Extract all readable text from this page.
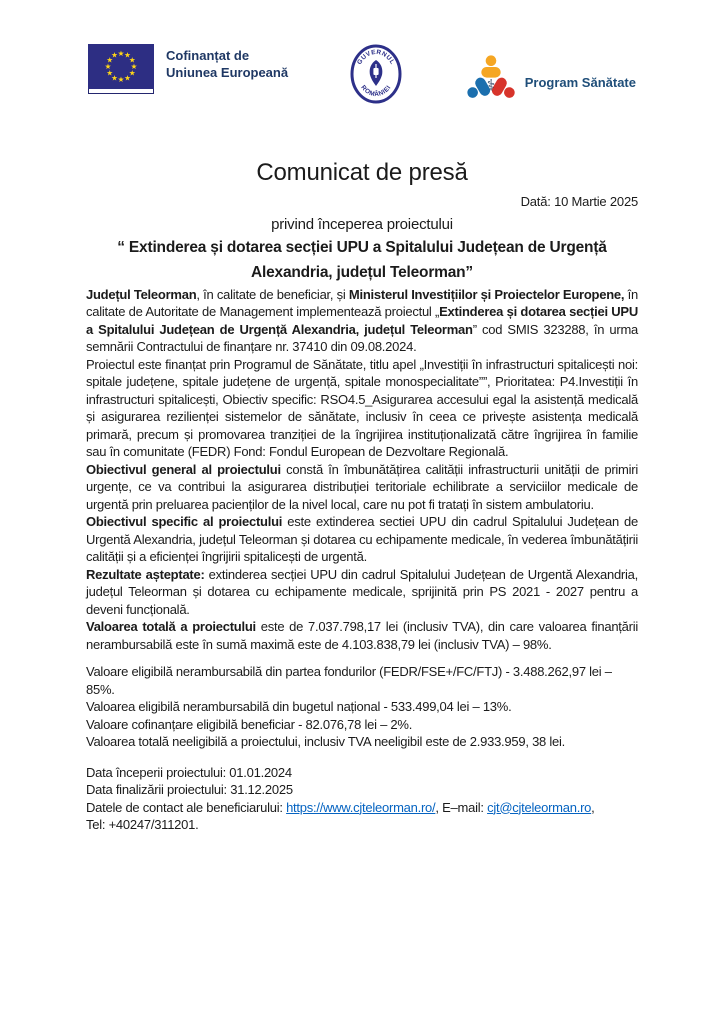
★ ★
★
★
★
★
★
★
★
★
★
★	Cofinanțat de
Uniunea Europeană
GUVERNUL
ROMÂNIEI	⚕ Program Sănătate
Comunicat de presă
Dată: 10 Martie 2025
privind începerea proiectului
“ Extinderea și dotarea secției UPU a Spitalului Județean de Urgență
Alexandria, județul Teleorman”

Județul Teleorman, în calitate de beneficiar, și Ministerul Investițiilor și Proiectelor Europene, în calitate de Autoritate de Management implementează proiectul „Extinderea și dotarea secției UPU a Spitalului Județean de Urgență Alexandria, județul Teleorman” cod SMIS 323288, în urma semnării Contractului de finanțare nr. 37410 din 09.08.2024.

Proiectul este finanțat prin Programul de Sănătate, titlu apel „Investiții în infrastructuri spitalicești noi: spitale județene, spitale județene de urgență, spitale monospecialitate””, Prioritatea: P4.Investiții în infrastructuri spitalicești, Obiectiv specific: RSO4.5_Asigurarea accesului egal la asistență medicală și asigurarea rezilienței sistemelor de sănătate, inclusiv în ceea ce privește asistența medicală primară, precum și promovarea tranziției de la îngrijirea instituționalizată către îngrijirea în familie sau în comunitate (FEDR) Fond: Fondul European de Dezvoltare Regională.

Obiectivul general al proiectului constă în îmbunătățirea calității infrastructurii unității de primiri urgențe, ce va contribui la asigurarea distribuției teritoriale echilibrate a serviciilor medicale de urgentă prin preluarea pacienților de la nivel local, care nu pot fi tratați în sistem ambulatoriu.

Obiectivul specific al proiectului este extinderea sectiei UPU din cadrul Spitalului Județean de Urgentă Alexandria, județul Teleorman și dotarea cu echipamente medicale, în vederea îmbunătățirii calității și a eficienței îngrijirii spitalicești de urgentă.

Rezultate așteptate: extinderea secției UPU din cadrul Spitalului Județean de Urgentă Alexandria, județul Teleorman și dotarea cu echipamente medicale, sprijinită prin PS 2021 - 2027 pentru a deveni funcțională.

Valoarea totală a proiectului este de 7.037.798,17 lei (inclusiv TVA), din care valoarea finanțării nerambursabilă este în sumă maximă este de 4.103.838,79 lei (inclusiv TVA) – 98%.

Valoare eligibilă nerambursabilă din partea fondurilor (FEDR/FSE+/FC/FTJ) - 3.488.262,97 lei – 85%.
Valoarea eligibilă nerambursabilă din bugetul național - 533.499,04 lei – 13%.
Valoare cofinanțare eligibilă beneficiar - 82.076,78 lei – 2%.
Valoarea totală neeligibilă a proiectului, inclusiv TVA neeligibil este de 2.933.959, 38 lei.
Data începerii proiectului: 01.01.2024
Data finalizării proiectului: 31.12.2025
Datele de contact ale beneficiarului: https://www.cjteleorman.ro/, E–mail: cjt@cjteleorman.ro,
Tel: +40247/311201.
